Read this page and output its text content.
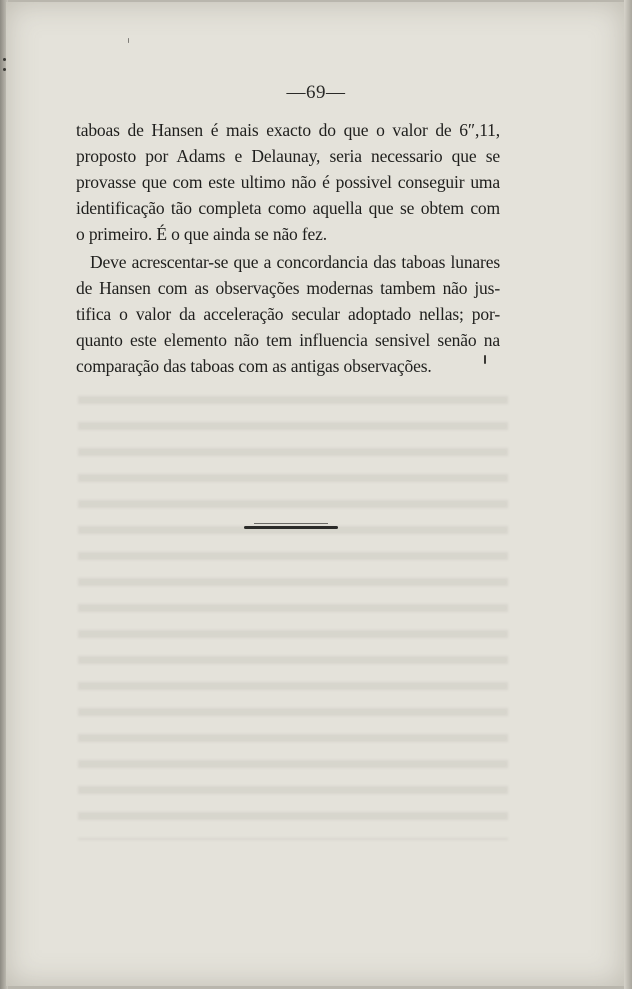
—69—
taboas de Hansen é mais exacto do que o valor de 6″,11,
proposto por Adams e Delaunay, seria necessario que se
provasse que com este ultimo não é possivel conseguir uma
identificação tão completa como aquella que se obtem com
o primeiro. É o que ainda se não fez.
Deve acrescentar-se que a concordancia das taboas lunares
de Hansen com as observações modernas tambem não jus-
tifica o valor da acceleração secular adoptado nellas; por-
quanto este elemento não tem influencia sensivel senão na
comparação das taboas com as antigas observações.
